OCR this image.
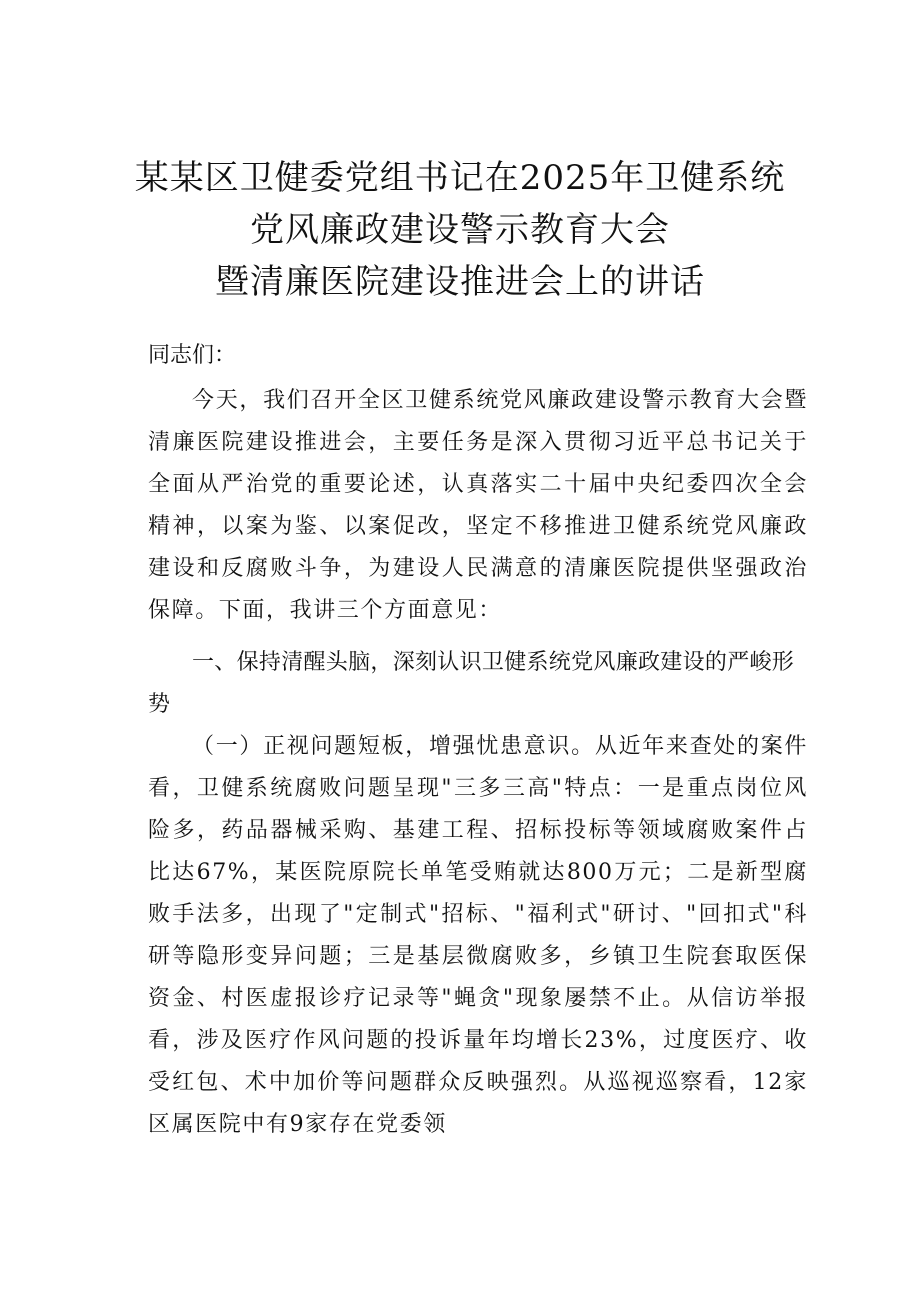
某某区卫健委党组书记在2025年卫健系统
党风廉政建设警示教育大会
暨清廉医院建设推进会上的讲话
同志们：
今天，我们召开全区卫健系统党风廉政建设警示教育大会暨清廉医院建设推进会，主要任务是深入贯彻习近平总书记关于全面从严治党的重要论述，认真落实二十届中央纪委四次全会精神，以案为鉴、以案促改，坚定不移推进卫健系统党风廉政建设和反腐败斗争，为建设人民满意的清廉医院提供坚强政治保障。下面，我讲三个方面意见：
一、保持清醒头脑，深刻认识卫健系统党风廉政建设的严峻形势
（一）正视问题短板，增强忧患意识。从近年来查处的案件看，卫健系统腐败问题呈现"三多三高"特点：一是重点岗位风险多，药品器械采购、基建工程、招标投标等领域腐败案件占比达67%，某医院原院长单笔受贿就达800万元；二是新型腐败手法多，出现了"定制式"招标、"福利式"研讨、"回扣式"科研等隐形变异问题；三是基层微腐败多，乡镇卫生院套取医保资金、村医虚报诊疗记录等"蝇贪"现象屡禁不止。从信访举报看，涉及医疗作风问题的投诉量年均增长23%，过度医疗、收受红包、术中加价等问题群众反映强烈。从巡视巡察看，12家区属医院中有9家存在党委领
